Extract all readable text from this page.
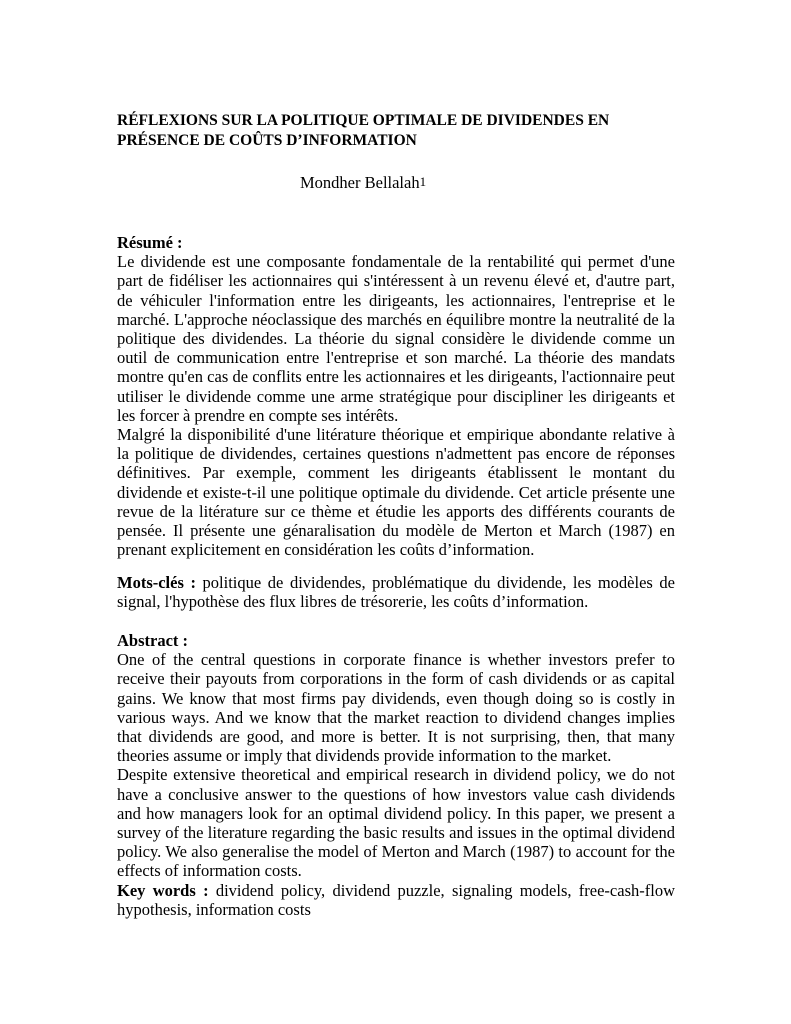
RÉFLEXIONS SUR LA POLITIQUE OPTIMALE DE DIVIDENDES EN
PRÉSENCE DE COÛTS D’INFORMATION
Mondher Bellalah$^1$

Résumé :

Le dividende est une composante fondamentale de la rentabilité qui permet d'une part de fidéliser les actionnaires qui s'intéressent à un revenu élevé et, d'autre part, de véhiculer l'information entre les dirigeants, les actionnaires, l'entreprise et le marché. L'approche néoclassique des marchés en équilibre montre la neutralité de la politique des dividendes. La théorie du signal considère le dividende comme un outil de communication entre l'entreprise et son marché. La théorie des mandats montre qu'en cas de conflits entre les actionnaires et les dirigeants, l'actionnaire peut utiliser le dividende comme une arme stratégique pour discipliner les dirigeants et les forcer à prendre en compte ses intérêts.

Malgré la disponibilité d'une litérature théorique et empirique abondante relative à la politique de dividendes, certaines questions n'admettent pas encore de réponses définitives. Par exemple, comment les dirigeants établissent le montant du dividende et existe-t-il une politique optimale du dividende. Cet article présente une revue de la litérature sur ce thème et étudie les apports des différents courants de pensée. Il présente une génaralisation du modèle de Merton et March (1987) en prenant explicitement en considération les coûts d’information.

Mots-clés : politique de dividendes, problématique du dividende, les modèles de signal, l'hypothèse des flux libres de trésorerie, les coûts d’information.

Abstract :

One of the central questions in corporate finance is whether investors prefer to receive their payouts from corporations in the form of cash dividends or as capital gains. We know that most firms pay dividends, even though doing so is costly in various ways. And we know that the market reaction to dividend changes implies that dividends are good, and more is better. It is not surprising, then, that many theories assume or imply that dividends provide information to the market.

Despite extensive theoretical and empirical research in dividend policy, we do not have a conclusive answer to the questions of how investors value cash dividends and how managers look for an optimal dividend policy. In this paper, we present a survey of the literature regarding the basic results and issues in the optimal dividend policy. We also generalise the model of Merton and March (1987) to account for the effects of information costs.

Key words : dividend policy, dividend puzzle, signaling models, free-cash-flow hypothesis, information costs
